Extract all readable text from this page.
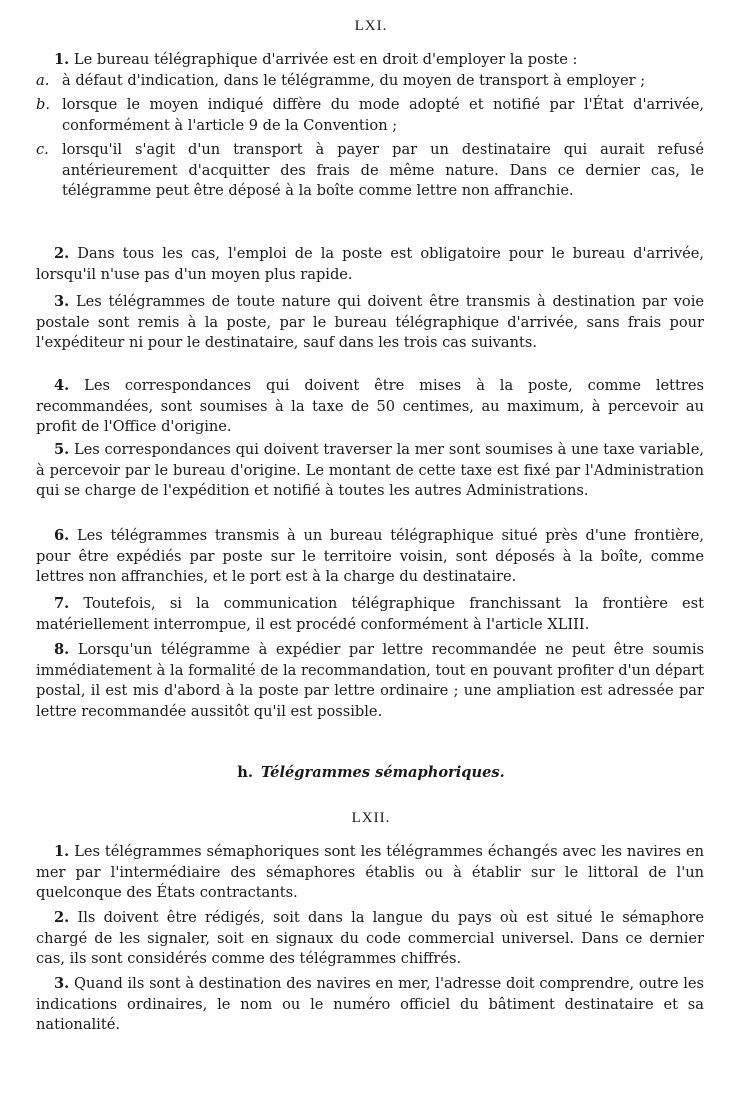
LXI.

1. Le bureau télégraphique d'arrivée est en droit d'employer la poste :

a. à défaut d'indication, dans le télégramme, du moyen de transport à employer ;
b. lorsque le moyen indiqué diffère du mode adopté et notifié par l'État d'arrivée, conformément à l'article 9 de la Convention ;
c. lorsqu'il s'agit d'un transport à payer par un destinataire qui aurait refusé antérieurement d'acquitter des frais de même nature. Dans ce dernier cas, le télégramme peut être déposé à la boîte comme lettre non affranchie.

2. Dans tous les cas, l'emploi de la poste est obligatoire pour le bureau d'arrivée, lorsqu'il n'use pas d'un moyen plus rapide.

3. Les télégrammes de toute nature qui doivent être transmis à destination par voie postale sont remis à la poste, par le bureau télégraphique d'arrivée, sans frais pour l'expéditeur ni pour le destinataire, sauf dans les trois cas suivants.

4. Les correspondances qui doivent être mises à la poste, comme lettres recommandées, sont soumises à la taxe de 50 centimes, au maximum, à percevoir au profit de l'Office d'origine.

5. Les correspondances qui doivent traverser la mer sont soumises à une taxe variable, à percevoir par le bureau d'origine. Le montant de cette taxe est fixé par l'Administration qui se charge de l'expédition et notifié à toutes les autres Administrations.

6. Les télégrammes transmis à un bureau télégraphique situé près d'une frontière, pour être expédiés par poste sur le territoire voisin, sont déposés à la boîte, comme lettres non affranchies, et le port est à la charge du destinataire.

7. Toutefois, si la communication télégraphique franchissant la frontière est matériellement interrompue, il est procédé conformément à l'article XLIII.

8. Lorsqu'un télégramme à expédier par lettre recommandée ne peut être soumis immédiatement à la formalité de la recommandation, tout en pouvant profiter d'un départ postal, il est mis d'abord à la poste par lettre ordinaire ; une ampliation est adressée par lettre recommandée aussitôt qu'il est possible.

h. Télégrammes sémaphoriques.
LXII.

1. Les télégrammes sémaphoriques sont les télégrammes échangés avec les navires en mer par l'intermédiaire des sémaphores établis ou à établir sur le littoral de l'un quelconque des États contractants.

2. Ils doivent être rédigés, soit dans la langue du pays où est situé le sémaphore chargé de les signaler, soit en signaux du code commercial universel. Dans ce dernier cas, ils sont considérés comme des télégrammes chiffrés.

3. Quand ils sont à destination des navires en mer, l'adresse doit comprendre, outre les indications ordinaires, le nom ou le numéro officiel du bâtiment destinataire et sa nationalité.
